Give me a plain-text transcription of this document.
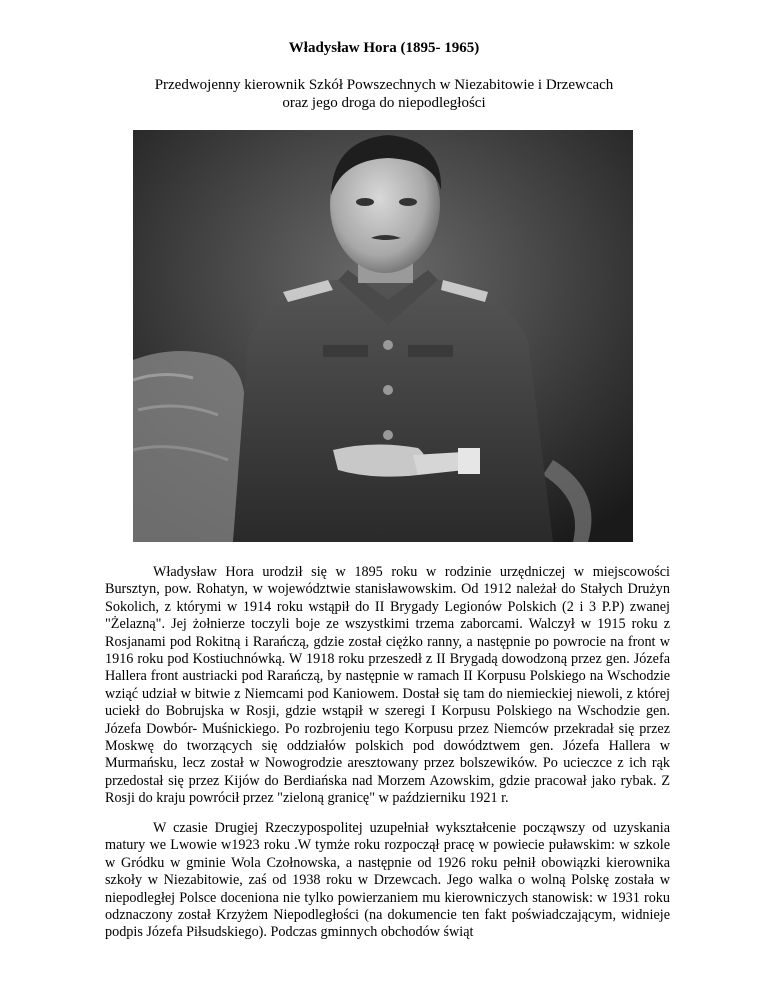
Władysław Hora (1895- 1965)
Przedwojenny kierownik Szkół Powszechnych w Niezabitowie i Drzewcach
oraz jego droga do niepodległości

Władysław Hora urodził się w 1895 roku w rodzinie urzędniczej w miejscowości Bursztyn, pow. Rohatyn, w województwie stanisławowskim. Od 1912 należał do Stałych Drużyn Sokolich, z którymi w 1914 roku wstąpił do II Brygady Legionów Polskich (2 i 3 P.P) zwanej "Żelazną". Jej żołnierze toczyli boje ze wszystkimi trzema zaborcami. Walczył w 1915 roku z Rosjanami pod Rokitną i Rarańczą, gdzie został ciężko ranny, a następnie po powrocie na front w 1916 roku pod Kostiuchnówką. W 1918 roku przeszedł z II Brygadą dowodzoną przez gen. Józefa Hallera front austriacki pod Rarańczą, by następnie w ramach II Korpusu Polskiego na Wschodzie wziąć udział w bitwie z Niemcami pod Kaniowem. Dostał się tam do niemieckiej niewoli, z której uciekł do Bobrujska w Rosji, gdzie wstąpił w szeregi I Korpusu Polskiego na Wschodzie gen. Józefa Dowbór- Muśnickiego. Po rozbrojeniu tego Korpusu przez Niemców przekradał się przez Moskwę do tworzących się oddziałów polskich pod dowództwem gen. Józefa Hallera w Murmańsku, lecz został w Nowogrodzie aresztowany przez bolszewików. Po ucieczce z ich rąk przedostał się przez Kijów do Berdiańska nad Morzem Azowskim, gdzie pracował jako rybak. Z Rosji do kraju powrócił przez "zieloną granicę" w październiku 1921 r.

W czasie Drugiej Rzeczypospolitej uzupełniał wykształcenie począwszy od uzyskania matury we Lwowie w1923 roku .W tymże roku rozpoczął pracę w powiecie puławskim: w szkole w Gródku w gminie Wola Czołnowska, a następnie od 1926 roku pełnił obowiązki kierownika szkoły w Niezabitowie, zaś od 1938 roku w Drzewcach. Jego walka o wolną Polskę została w niepodległej Polsce doceniona nie tylko powierzaniem mu kierowniczych stanowisk: w 1931 roku odznaczony został Krzyżem Niepodległości (na dokumencie ten fakt poświadczającym, widnieje podpis Józefa Piłsudskiego). Podczas gminnych obchodów świąt
